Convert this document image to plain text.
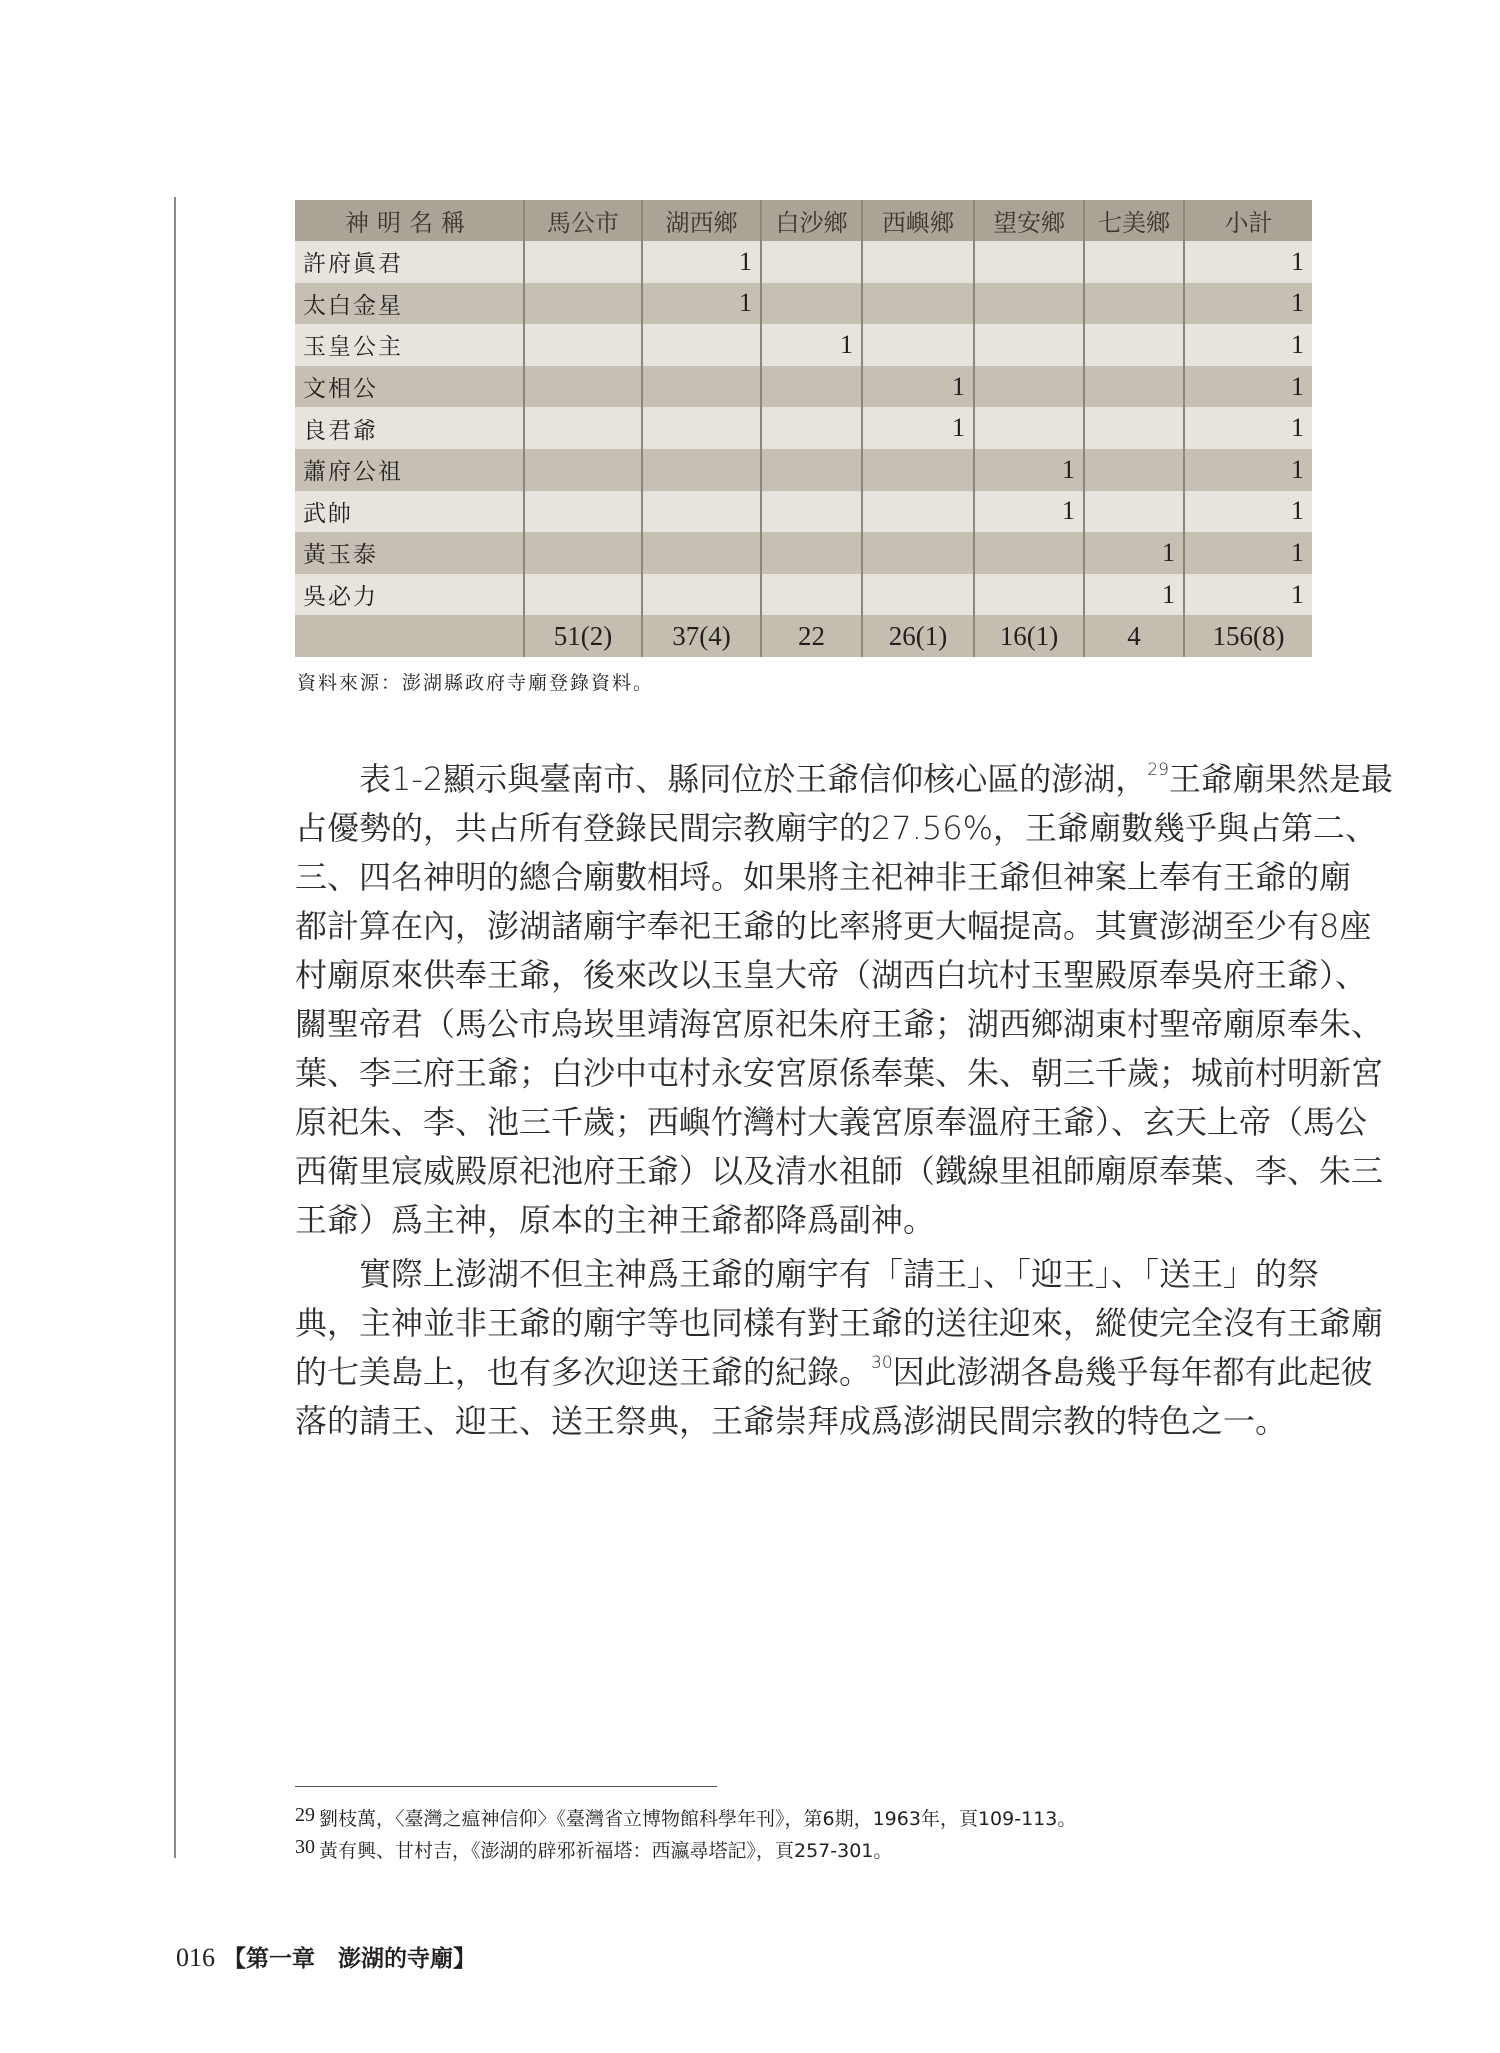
神明名稱	馬公市	湖西鄉	白沙鄉	西嶼鄉	望安鄉	七美鄉	小計
許府眞君		1					1
太白金星		1					1
玉皇公主			1				1
文相公				1			1
良君爺				1			1
蕭府公祖					1		1
武帥					1		1
黃玉泰						1	1
吳必力						1	1
	51(2)	37(4)	22	26(1)	16(1)	4	156(8)
資料來源：澎湖縣政府寺廟登錄資料。
表1-2顯示與臺南市、縣同位於王爺信仰核心區的澎湖，$^{29}$王爺廟果然是最
占優勢的，共占所有登錄民間宗教廟宇的27.56%，王爺廟數幾乎與占第二、
三、四名神明的總合廟數相埒。如果將主祀神非王爺但神案上奉有王爺的廟
都計算在內，澎湖諸廟宇奉祀王爺的比率將更大幅提高。其實澎湖至少有8座
村廟原來供奉王爺，後來改以玉皇大帝（湖西白坑村玉聖殿原奉吳府王爺）、
關聖帝君（馬公市烏崁里靖海宮原祀朱府王爺；湖西鄉湖東村聖帝廟原奉朱、
葉、李三府王爺；白沙中屯村永安宮原係奉葉、朱、朝三千歲；城前村明新宮
原祀朱、李、池三千歲；西嶼竹灣村大義宮原奉溫府王爺）、玄天上帝（馬公
西衛里宸威殿原祀池府王爺）以及清水祖師（鐵線里祖師廟原奉葉、李、朱三
王爺）爲主神，原本的主神王爺都降爲副神。
實際上澎湖不但主神爲王爺的廟宇有「請王」、「迎王」、「送王」的祭
典，主神並非王爺的廟宇等也同樣有對王爺的送往迎來，縱使完全沒有王爺廟
的七美島上，也有多次迎送王爺的紀錄。$^{30}$因此澎湖各島幾乎每年都有此起彼
落的請王、迎王、送王祭典，王爺崇拜成爲澎湖民間宗教的特色之一。
29 劉枝萬，〈臺灣之瘟神信仰〉《臺灣省立博物館科學年刊》，第6期，1963年，頁109-113。
30 黃有興、甘村吉，《澎湖的辟邪祈福塔：西瀛尋塔記》，頁257-301。
016 【第一章　澎湖的寺廟】
